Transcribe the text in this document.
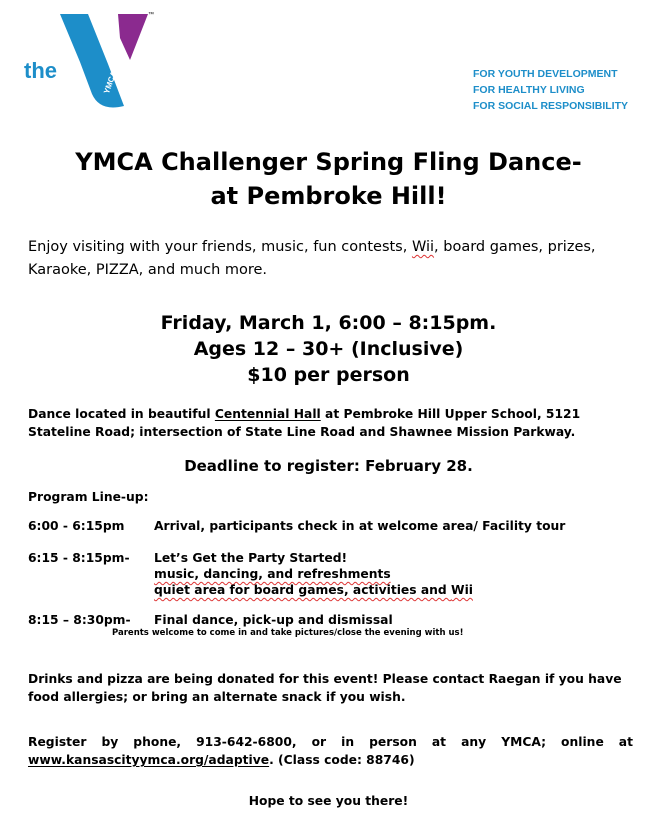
the	YMCA
™
FOR YOUTH DEVELOPMENT
FOR HEALTHY LIVING
FOR SOCIAL RESPONSIBILITY
YMCA Challenger Spring Fling Dance-
at Pembroke Hill!
Enjoy visiting with your friends, music, fun contests, Wii, board games, prizes, Karaoke, PIZZA, and much more.
Friday, March 1, 6:00 – 8:15pm.
Ages 12 – 30+ (Inclusive)
$10 per person
Dance located in beautiful Centennial Hall at Pembroke Hill Upper School, 5121 Stateline Road; intersection of State Line Road and Shawnee Mission Parkway.
Deadline to register: February 28.
Program Line-up:
6:00 - 6:15pm Arrival, participants check in at welcome area/ Facility tour
6:15 - 8:15pm- Let’s Get the Party Started!
music, dancing, and refreshments
quiet area for board games, activities and Wii
8:15 – 8:30pm- Final dance, pick-up and dismissal
Parents welcome to come in and take pictures/close the evening with us!
Drinks and pizza are being donated for this event! Please contact Raegan if you have food allergies; or bring an alternate snack if you wish.
Register by phone, 913-642-6800, or in person at any YMCA; online at www.kansascityymca.org/adaptive. (Class code: 88746)
Hope to see you there!
